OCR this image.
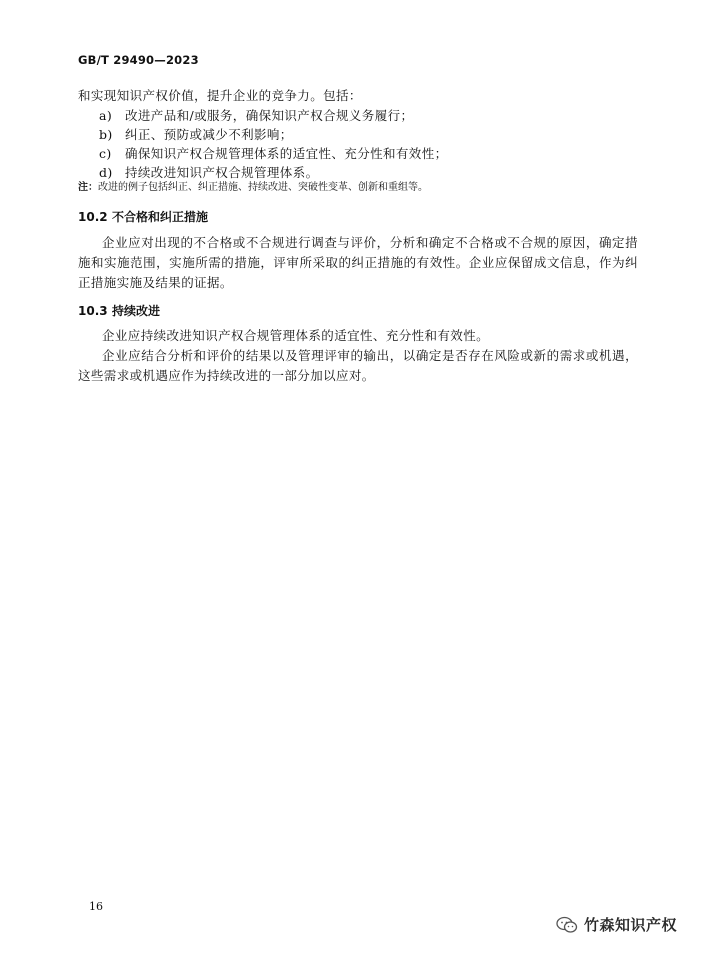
GB/T 29490—2023
和实现知识产权价值，提升企业的竞争力。包括：
a) 改进产品和/或服务，确保知识产权合规义务履行；
b) 纠正、预防或减少不利影响；
c) 确保知识产权合规管理体系的适宜性、充分性和有效性；
d) 持续改进知识产权合规管理体系。
注：改进的例子包括纠正、纠正措施、持续改进、突破性变革、创新和重组等。
10.2 不合格和纠正措施
企业应对出现的不合格或不合规进行调查与评价，分析和确定不合格或不合规的原因，确定措施和实施范围，实施所需的措施，评审所采取的纠正措施的有效性。企业应保留成文信息，作为纠正措施实施及结果的证据。
10.3 持续改进
企业应持续改进知识产权合规管理体系的适宜性、充分性和有效性。
企业应结合分析和评价的结果以及管理评审的输出，以确定是否存在风险或新的需求或机遇，这些需求或机遇应作为持续改进的一部分加以应对。
16
竹森知识产权
